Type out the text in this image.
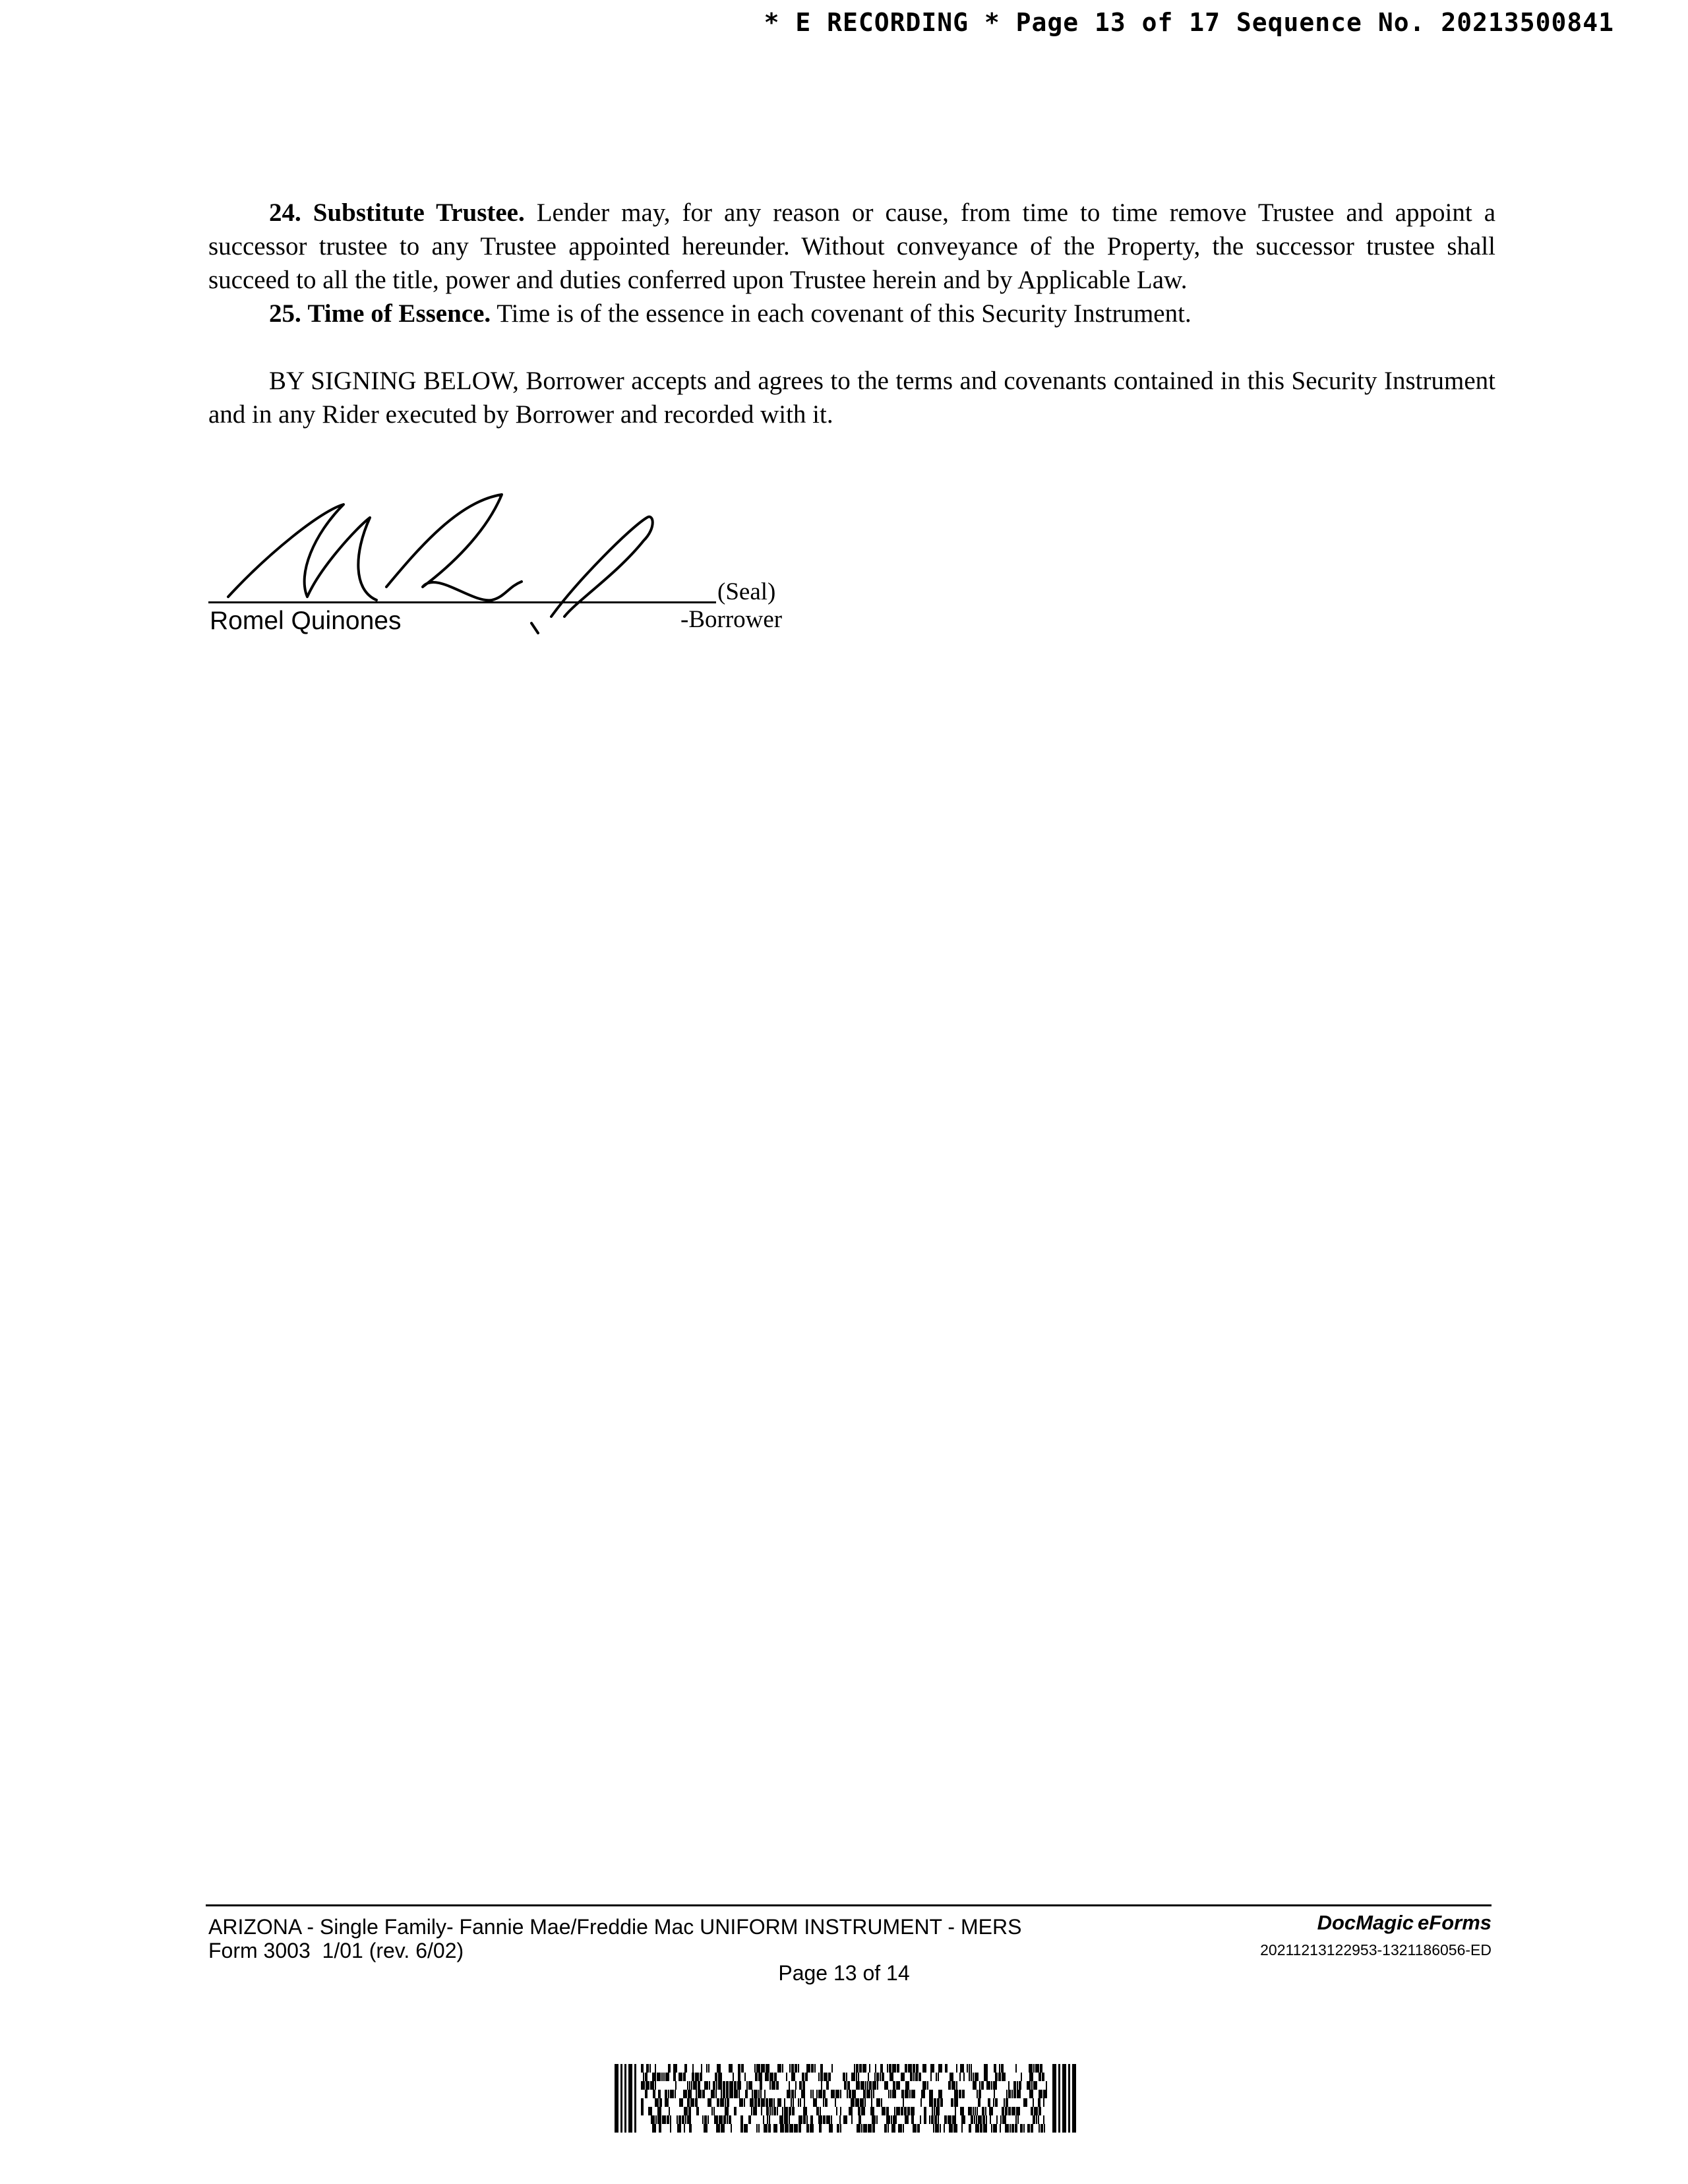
* E RECORDING * Page 13 of 17 Sequence No. 20213500841

24. Substitute Trustee. Lender may, for any reason or cause, from time to time remove Trustee and appoint a successor trustee to any Trustee appointed hereunder. Without conveyance of the Property, the successor trustee shall succeed to all the title, power and duties conferred upon Trustee herein and by Applicable Law.

25. Time of Essence. Time is of the essence in each covenant of this Security Instrument.

BY SIGNING BELOW, Borrower accepts and agrees to the terms and covenants contained in this Security Instrument and in any Rider executed by Borrower and recorded with it.

(Seal)
Romel Quinones	-Borrower
ARIZONA - Single Family- Fannie Mae/Freddie Mac UNIFORM INSTRUMENT - MERS
Form 3003  1/01 (rev. 6/02)
DocMagic eForms
20211213122953-1321186056-ED
Page 13 of 14
